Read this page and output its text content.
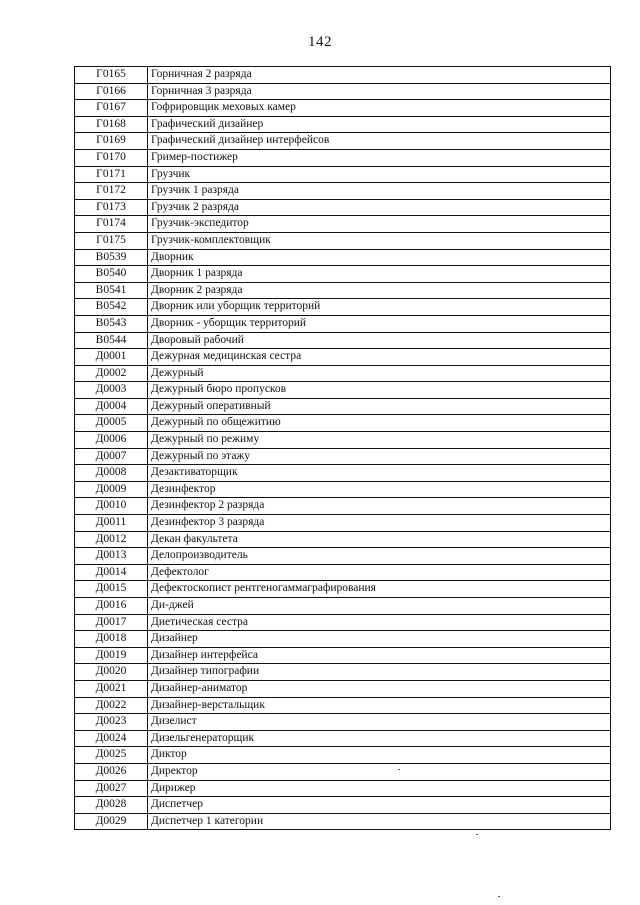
142
Г0165	Горничная 2 разряда
Г0166	Горничная 3 разряда
Г0167	Гофрировщик меховых камер
Г0168	Графический дизайнер
Г0169	Графический дизайнер интерфейсов
Г0170	Гример-постижер
Г0171	Грузчик
Г0172	Грузчик 1 разряда
Г0173	Грузчик 2 разряда
Г0174	Грузчик-экспедитор
Г0175	Грузчик-комплектовщик
В0539	Дворник
В0540	Дворник 1 разряда
В0541	Дворник 2 разряда
В0542	Дворник или уборщик территорий
В0543	Дворник - уборщик территорий
В0544	Дворовый рабочий
Д0001	Дежурная медицинская сестра
Д0002	Дежурный
Д0003	Дежурный бюро пропусков
Д0004	Дежурный оперативный
Д0005	Дежурный по общежитию
Д0006	Дежурный по режиму
Д0007	Дежурный по этажу
Д0008	Дезактиваторщик
Д0009	Дезинфектор
Д0010	Дезинфектор 2 разряда
Д0011	Дезинфектор 3 разряда
Д0012	Декан факультета
Д0013	Делопроизводитель
Д0014	Дефектолог
Д0015	Дефектоскопист рентгеногаммаграфирования
Д0016	Ди-джей
Д0017	Диетическая сестра
Д0018	Дизайнер
Д0019	Дизайнер интерфейса
Д0020	Дизайнер типографии
Д0021	Дизайнер-аниматор
Д0022	Дизайнер-верстальщик
Д0023	Дизелист
Д0024	Дизельгенераторщик
Д0025	Диктор
Д0026	Директор
Д0027	Дирижер
Д0028	Диспетчер
Д0029	Диспетчер 1 категории
